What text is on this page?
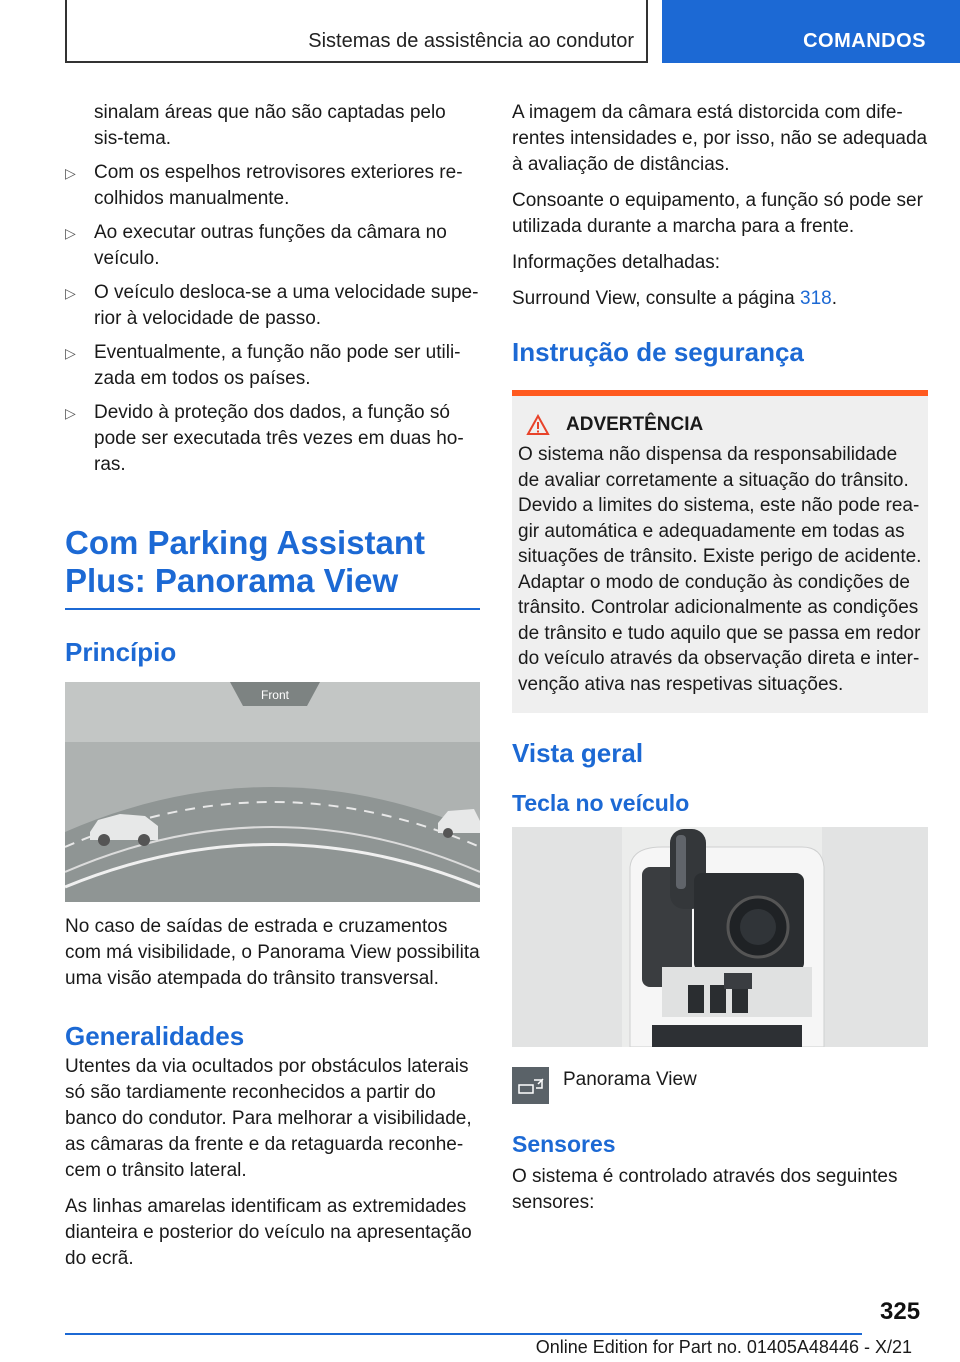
Sistemas de assistência ao condutor	COMANDOS

sinalam áreas que não são captadas pelo sis-tema.

▷ Com os espelhos retrovisores exteriores re-colhidos manualmente.
▷ Ao executar outras funções da câmara no veículo.
▷ O veículo desloca-se a uma velocidade supe-rior à velocidade de passo.
▷ Eventualmente, a função não pode ser utili-zada em todos os países.
▷ Devido à proteção dos dados, a função só pode ser executada três vezes em duas ho-ras.
Com Parking Assistant Plus: Panorama View
Princípio
Front

No caso de saídas de estrada e cruzamentos com má visibilidade, o Panorama View possibilita uma visão atempada do trânsito transversal.

Generalidades

Utentes da via ocultados por obstáculos laterais só são tardiamente reconhecidos a partir do banco do condutor. Para melhorar a visibilidade, as câmaras da frente e da retaguarda reconhe-cem o trânsito lateral.

As linhas amarelas identificam as extremidades dianteira e posterior do veículo na apresentação do ecrã.

A imagem da câmara está distorcida com dife-rentes intensidades e, por isso, não se adequada à avaliação de distâncias.

Consoante o equipamento, a função só pode ser utilizada durante a marcha para a frente.

Informações detalhadas:

Surround View, consulte a página 318.

Instrução de segurança
ADVERTÊNCIA

O sistema não dispensa da responsabilidade de avaliar corretamente a situação do trânsito. Devido a limites do sistema, este não pode rea-gir automática e adequadamente em todas as situações de trânsito. Existe perigo de acidente. Adaptar o modo de condução às condições de trânsito. Controlar adicionalmente as condições de trânsito e tudo aquilo que se passa em redor do veículo através da observação direta e inter-venção ativa nas respetivas situações.

Vista geral
Tecla no veículo
Panorama View
Sensores

O sistema é controlado através dos seguintes sensores:

325
Online Edition for Part no. 01405A48446 - X/21
